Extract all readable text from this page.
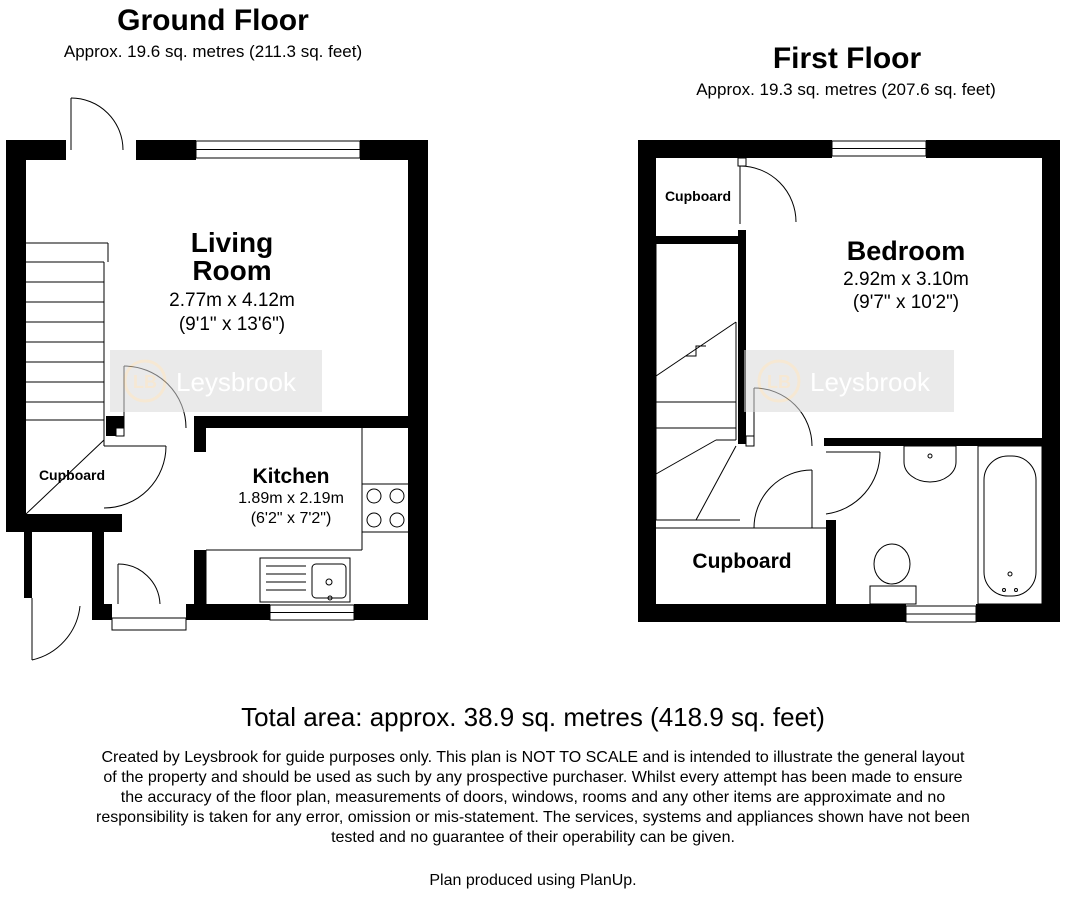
Ground Floor
Approx. 19.6 sq. metres (211.3 sq. feet)	First Floor
Approx. 19.3 sq. metres (207.6 sq. feet)
Living
Room
2.77m x 4.12m
(9'1" x 13'6")
Kitchen
1.89m x 2.19m
(6'2" x 7'2")
Cupboard
Bedroom
2.92m x 3.10m
(9'7" x 10'2")
Cupboard
Cupboard
LB Leysbrook	LB Leysbrook
Total area: approx. 38.9 sq. metres (418.9 sq. feet)
Created by Leysbrook for guide purposes only. This plan is NOT TO SCALE and is intended to illustrate the general layout of the property and should be used as such by any prospective purchaser. Whilst every attempt has been made to ensure the accuracy of the floor plan, measurements of doors, windows, rooms and any other items are approximate and no responsibility is taken for any error, omission or mis-statement. The services, systems and appliances shown have not been tested and no guarantee of their operability can be given.
Plan produced using PlanUp.
